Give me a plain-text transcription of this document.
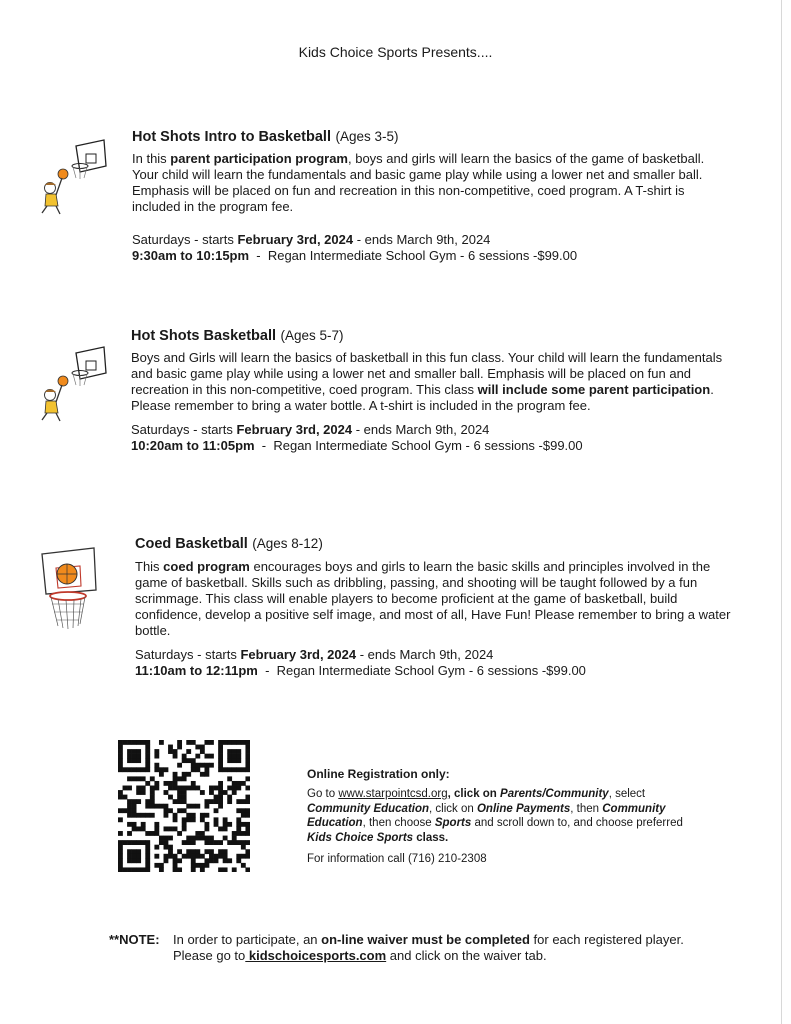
Kids Choice Sports Presents....
Hot Shots Intro to Basketball (Ages 3-5)
In this parent participation program, boys and girls will learn the basics of the game of basketball. Your child will learn the fundamentals and basic game play while using a lower net and smaller ball. Emphasis will be placed on fun and recreation in this non-competitive, coed program. A T-shirt is included in the program fee.
Saturdays - starts February 3rd, 2024 - ends March 9th, 2024
9:30am to 10:15pm  -  Regan Intermediate School Gym - 6 sessions -$99.00
Hot Shots Basketball (Ages 5-7)
Boys and Girls will learn the basics of basketball in this fun class. Your child will learn the fundamentals and basic game play while using a lower net and smaller ball. Emphasis will be placed on fun and recreation in this non-competitive, coed program. This class will include some parent participation. Please remember to bring a water bottle. A t-shirt is included in the program fee.
Saturdays - starts February 3rd, 2024 - ends March 9th, 2024
10:20am to 11:05pm  -  Regan Intermediate School Gym - 6 sessions -$99.00
Coed Basketball (Ages 8-12)
This coed program encourages boys and girls to learn the basic skills and principles involved in the game of basketball. Skills such as dribbling, passing, and shooting will be taught followed by a fun scrimmage. This class will enable players to become proficient at the game of basketball, build confidence, develop a positive self image, and most of all, Have Fun! Please remember to bring a water bottle.
Saturdays - starts February 3rd, 2024 - ends March 9th, 2024
11:10am to 12:11pm  -  Regan Intermediate School Gym - 6 sessions -$99.00
Online Registration only:
Go to www.starpointcsd.org, click on Parents/Community, select Community Education, click on Online Payments, then Community Education, then choose Sports and scroll down to, and choose preferred Kids Choice Sports class.
For information call (716) 210-2308
**NOTE: In order to participate, an on-line waiver must be completed for each registered player. Please go to kidschoicesports.com and click on the waiver tab.
